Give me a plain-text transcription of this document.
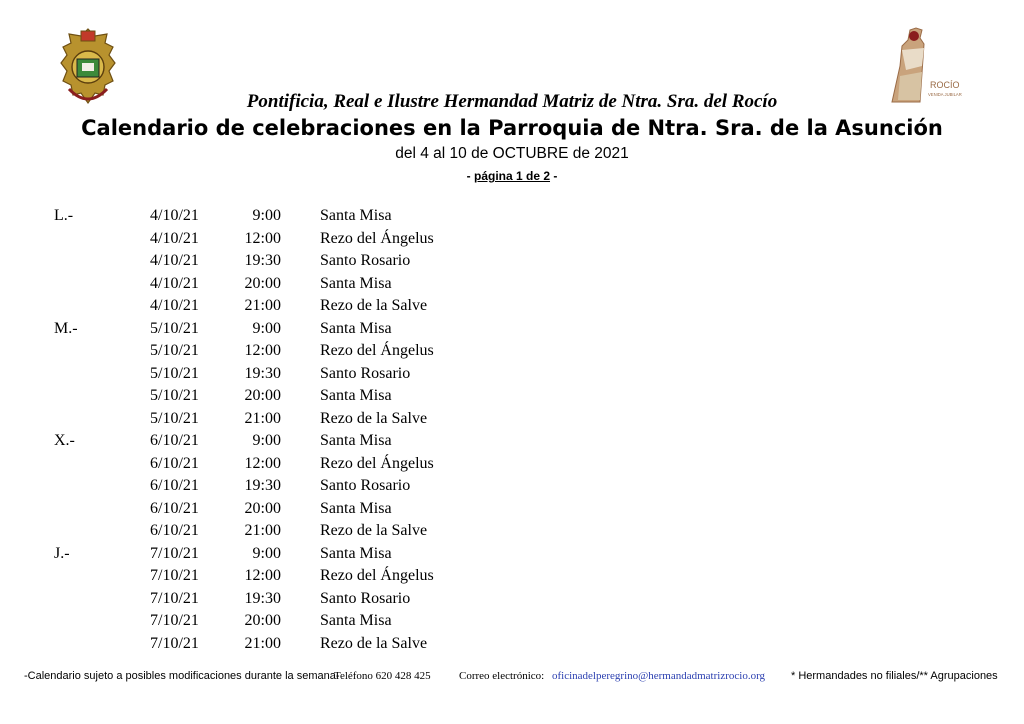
ROCÍO
VENIDA JUBILAR
Pontificia, Real e Ilustre Hermandad Matriz de Ntra. Sra. del Rocío
Calendario de celebraciones en la Parroquia de Ntra. Sra. de la Asunción
del 4 al 10 de OCTUBRE de 2021
- página 1 de 2 -
L.-	4/10/21	9:00 Santa Misa
4/10/21	12:00 Rezo del Ángelus
4/10/21	19:30 Santo Rosario
4/10/21	20:00 Santa Misa
4/10/21	21:00 Rezo de la Salve
M.-	5/10/21	9:00 Santa Misa
5/10/21	12:00 Rezo del Ángelus
5/10/21	19:30 Santo Rosario
5/10/21	20:00 Santa Misa
5/10/21	21:00 Rezo de la Salve
X.-	6/10/21	9:00 Santa Misa
6/10/21	12:00 Rezo del Ángelus
6/10/21	19:30 Santo Rosario
6/10/21	20:00 Santa Misa
6/10/21	21:00 Rezo de la Salve
J.-	7/10/21	9:00 Santa Misa
7/10/21	12:00 Rezo del Ángelus
7/10/21	19:30 Santo Rosario
7/10/21	20:00 Santa Misa
7/10/21	21:00 Rezo de la Salve
-Calendario sujeto a posibles modificaciones durante la semana-
Teléfono 620 428 425	Correo electrónico: oficinadelperegrino@hermandadmatrizrocio.org * Hermandades no filiales/** Agrupaciones
